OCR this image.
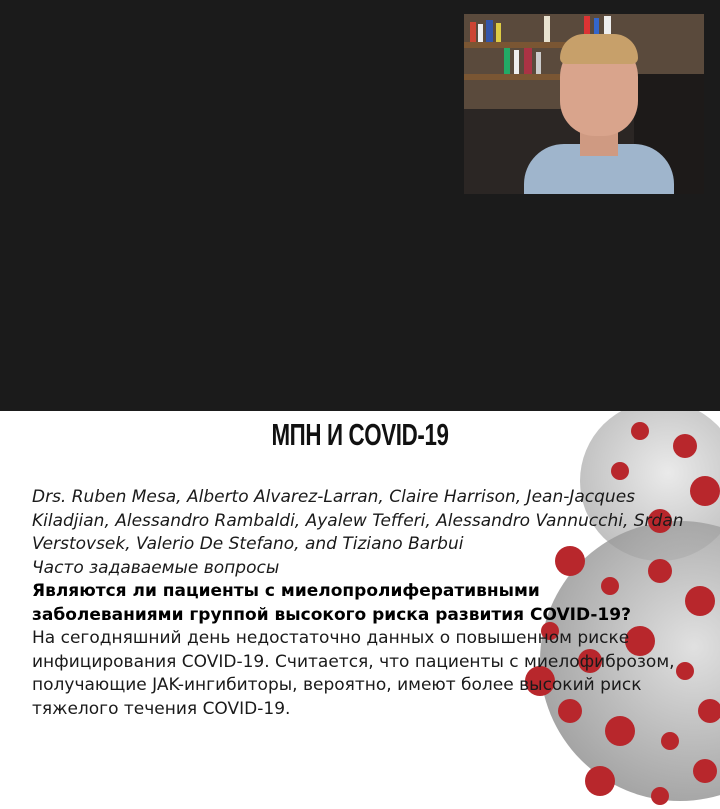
МПН И COVID-19
Drs. Ruben Mesa, Alberto Alvarez-Larran, Claire Harrison, Jean-Jacques Kiladjian, Alessandro Rambaldi, Ayalew Tefferi, Alessandro Vannucchi, Srdan Verstovsek, Valerio De Stefano, and Tiziano Barbui
Часто задаваемые вопросы
Являются ли пациенты с миелопролиферативными заболеваниями группой высокого риска развития COVID-19?
На сегодняшний день недостаточно данных о повышенном риске инфицирования COVID-19. Считается, что пациенты с миелофиброзом, получающие JAK-ингибиторы, вероятно, имеют более высокий риск тяжелого течения COVID-19.
